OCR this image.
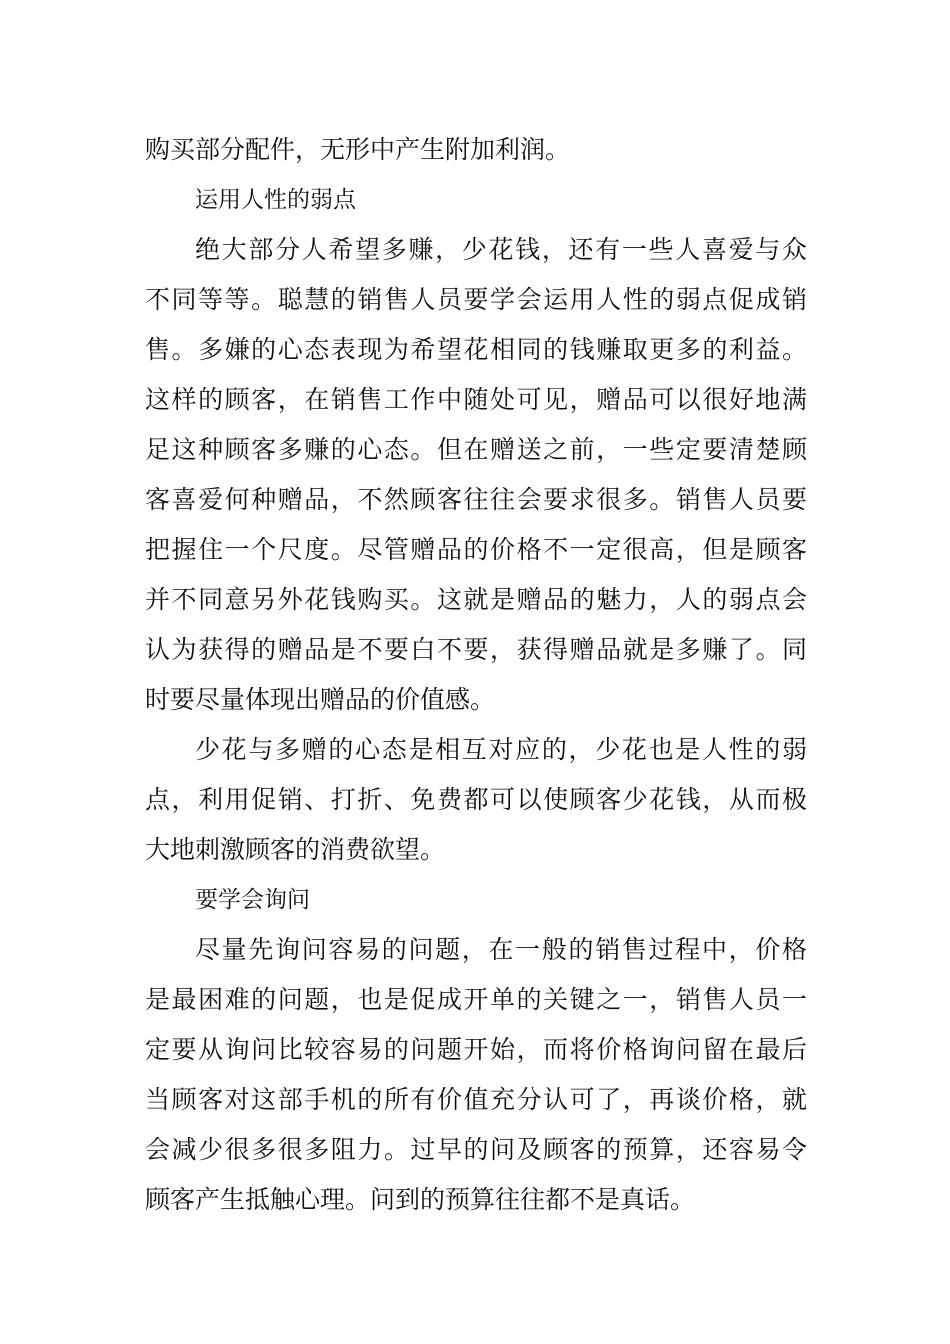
购买部分配件，无形中产生附加利润。
运用人性的弱点
绝大部分人希望多赚，少花钱，还有一些人喜爱与众
不同等等。聪慧的销售人员要学会运用人性的弱点促成销
售。多嫌的心态表现为希望花相同的钱赚取更多的利益。
这样的顾客，在销售工作中随处可见，赠品可以很好地满
足这种顾客多赚的心态。但在赠送之前，一些定要清楚顾
客喜爱何种赠品，不然顾客往往会要求很多。销售人员要
把握住一个尺度。尽管赠品的价格不一定很高，但是顾客
并不同意另外花钱购买。这就是赠品的魅力，人的弱点会
认为获得的赠品是不要白不要，获得赠品就是多赚了。同
时要尽量体现出赠品的价值感。
少花与多赠的心态是相互对应的，少花也是人性的弱
点，利用促销、打折、免费都可以使顾客少花钱，从而极
大地刺激顾客的消费欲望。
要学会询问
尽量先询问容易的问题，在一般的销售过程中，价格
是最困难的问题，也是促成开单的关键之一，销售人员一
定要从询问比较容易的问题开始，而将价格询问留在最后
当顾客对这部手机的所有价值充分认可了，再谈价格，就
会减少很多很多阻力。过早的问及顾客的预算，还容易令
顾客产生抵触心理。问到的预算往往都不是真话。
